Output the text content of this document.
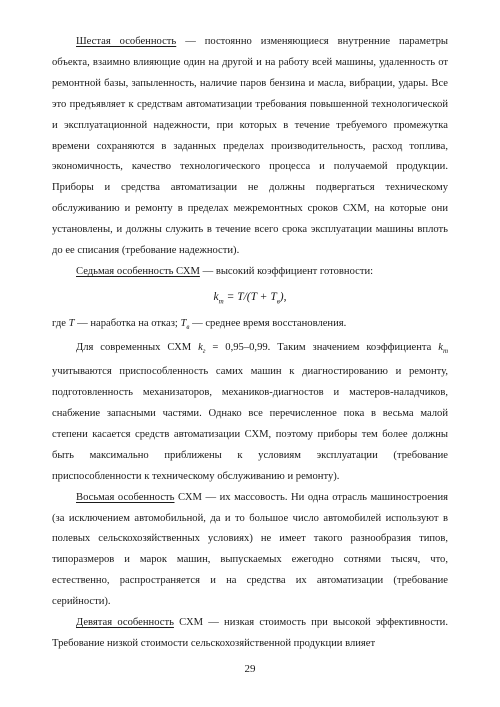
Шестая особенность — постоянно изменяющиеся внутренние параметры объекта, взаимно влияющие один на другой и на работу всей машины, удаленность от ремонтной базы, запыленность, наличие паров бензина и масла, вибрации, удары. Все это предъявляет к средствам автоматизации требования повышенной технологической и эксплуатационной надежности, при которых в течение требуемого промежутка времени сохраняются в заданных пределах производительность, расход топлива, экономичность, качество технологического процесса и получаемой продукции. Приборы и средства автоматизации не должны подвергаться техническому обслуживанию и ремонту в пределах межремонтных сроков СХМ, на которые они установлены, и должны служить в течение всего срока эксплуатации машины вплоть до ее списания (требование надежности).

Седьмая особенность СХМ — высокий коэффициент готовности:

$k_т = T/(T + T_в)$,

где T — наработка на отказ; $T_в$ — среднее время восстановления.

Для современных СХМ $k_г = 0,95-0,99$. Таким значением коэффициента $k_т$ учитываются приспособленность самих машин к диагностированию и ремонту, подготовленность механизаторов, механиков-диагностов и мастеров-наладчиков, снабжение запасными частями. Однако все перечисленное пока в весьма малой степени касается средств автоматизации СХМ, поэтому приборы тем более должны быть максимально приближены к условиям эксплуатации (требование приспособленности к техническому обслуживанию и ремонту).

Восьмая особенность СХМ — их массовость. Ни одна отрасль машиностроения (за исключением автомобильной, да и то большое число автомобилей используют в полевых сельскохозяйственных условиях) не имеет такого разнообразия типов, типоразмеров и марок машин, выпускаемых ежегодно сотнями тысяч, что, естественно, распространяется и на средства их автоматизации (требование серийности).

Девятая особенность СХМ — низкая стоимость при высокой эффективности. Требование низкой стоимости сельскохозяйственной продукции влияет

29
